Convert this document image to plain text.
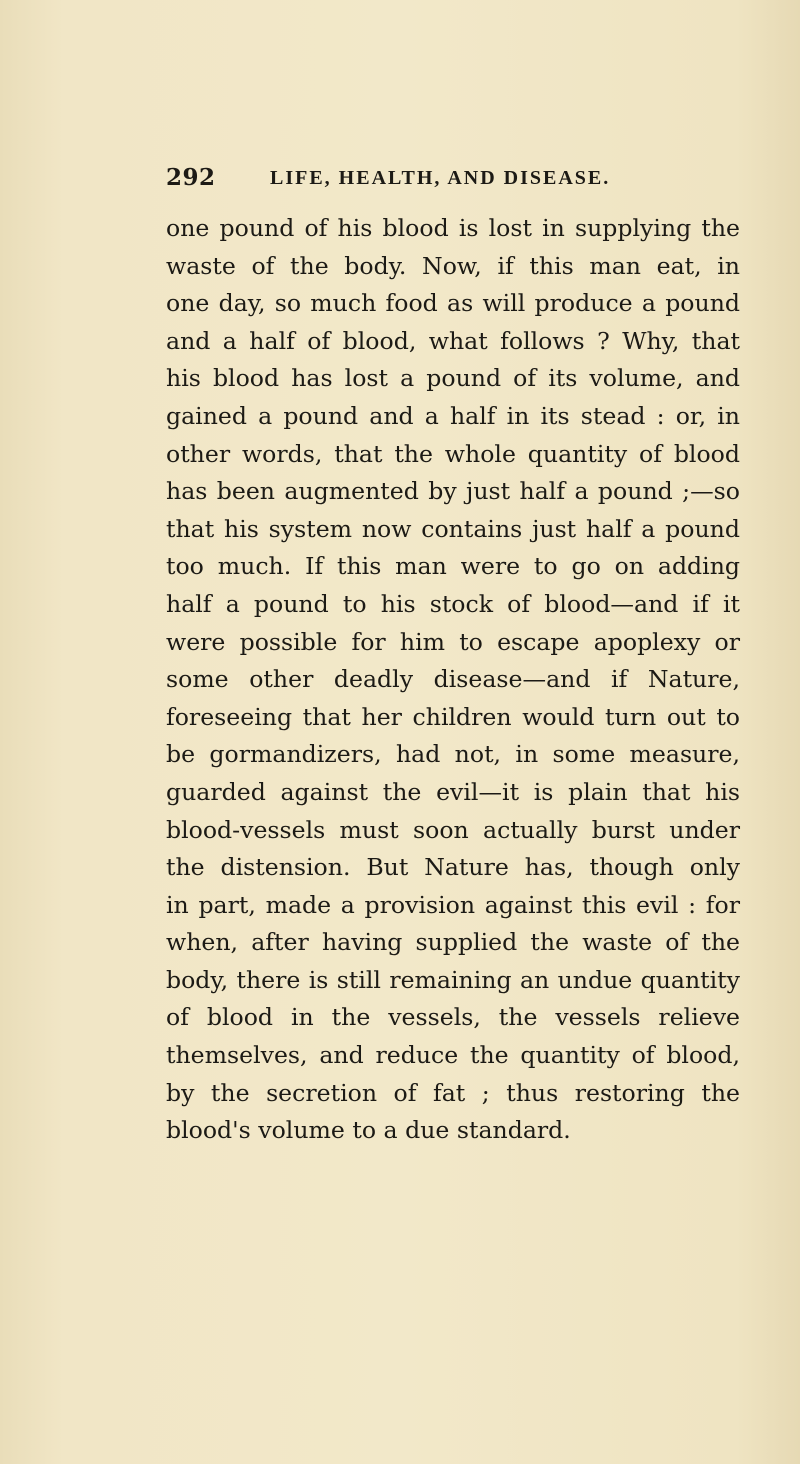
292	LIFE, HEALTH, AND DISEASE.
one pound of his blood is lost in supplying the
waste of the body. Now, if this man eat, in
one day, so much food as will produce a pound
and a half of blood, what follows ? Why, that
his blood has lost a pound of its volume, and
gained a pound and a half in its stead : or, in
other words, that the whole quantity of blood
has been augmented by just half a pound ;—so
that his system now contains just half a pound
too much. If this man were to go on adding
half a pound to his stock of blood—and if it
were possible for him to escape apoplexy or
some other deadly disease—and if Nature,
foreseeing that her children would turn out to
be gormandizers, had not, in some measure,
guarded against the evil—it is plain that his
blood-vessels must soon actually burst under
the distension. But Nature has, though only
in part, made a provision against this evil : for
when, after having supplied the waste of the
body, there is still remaining an undue quantity
of blood in the vessels, the vessels relieve
themselves, and reduce the quantity of blood,
by the secretion of fat ; thus restoring the
blood's volume to a due standard.
